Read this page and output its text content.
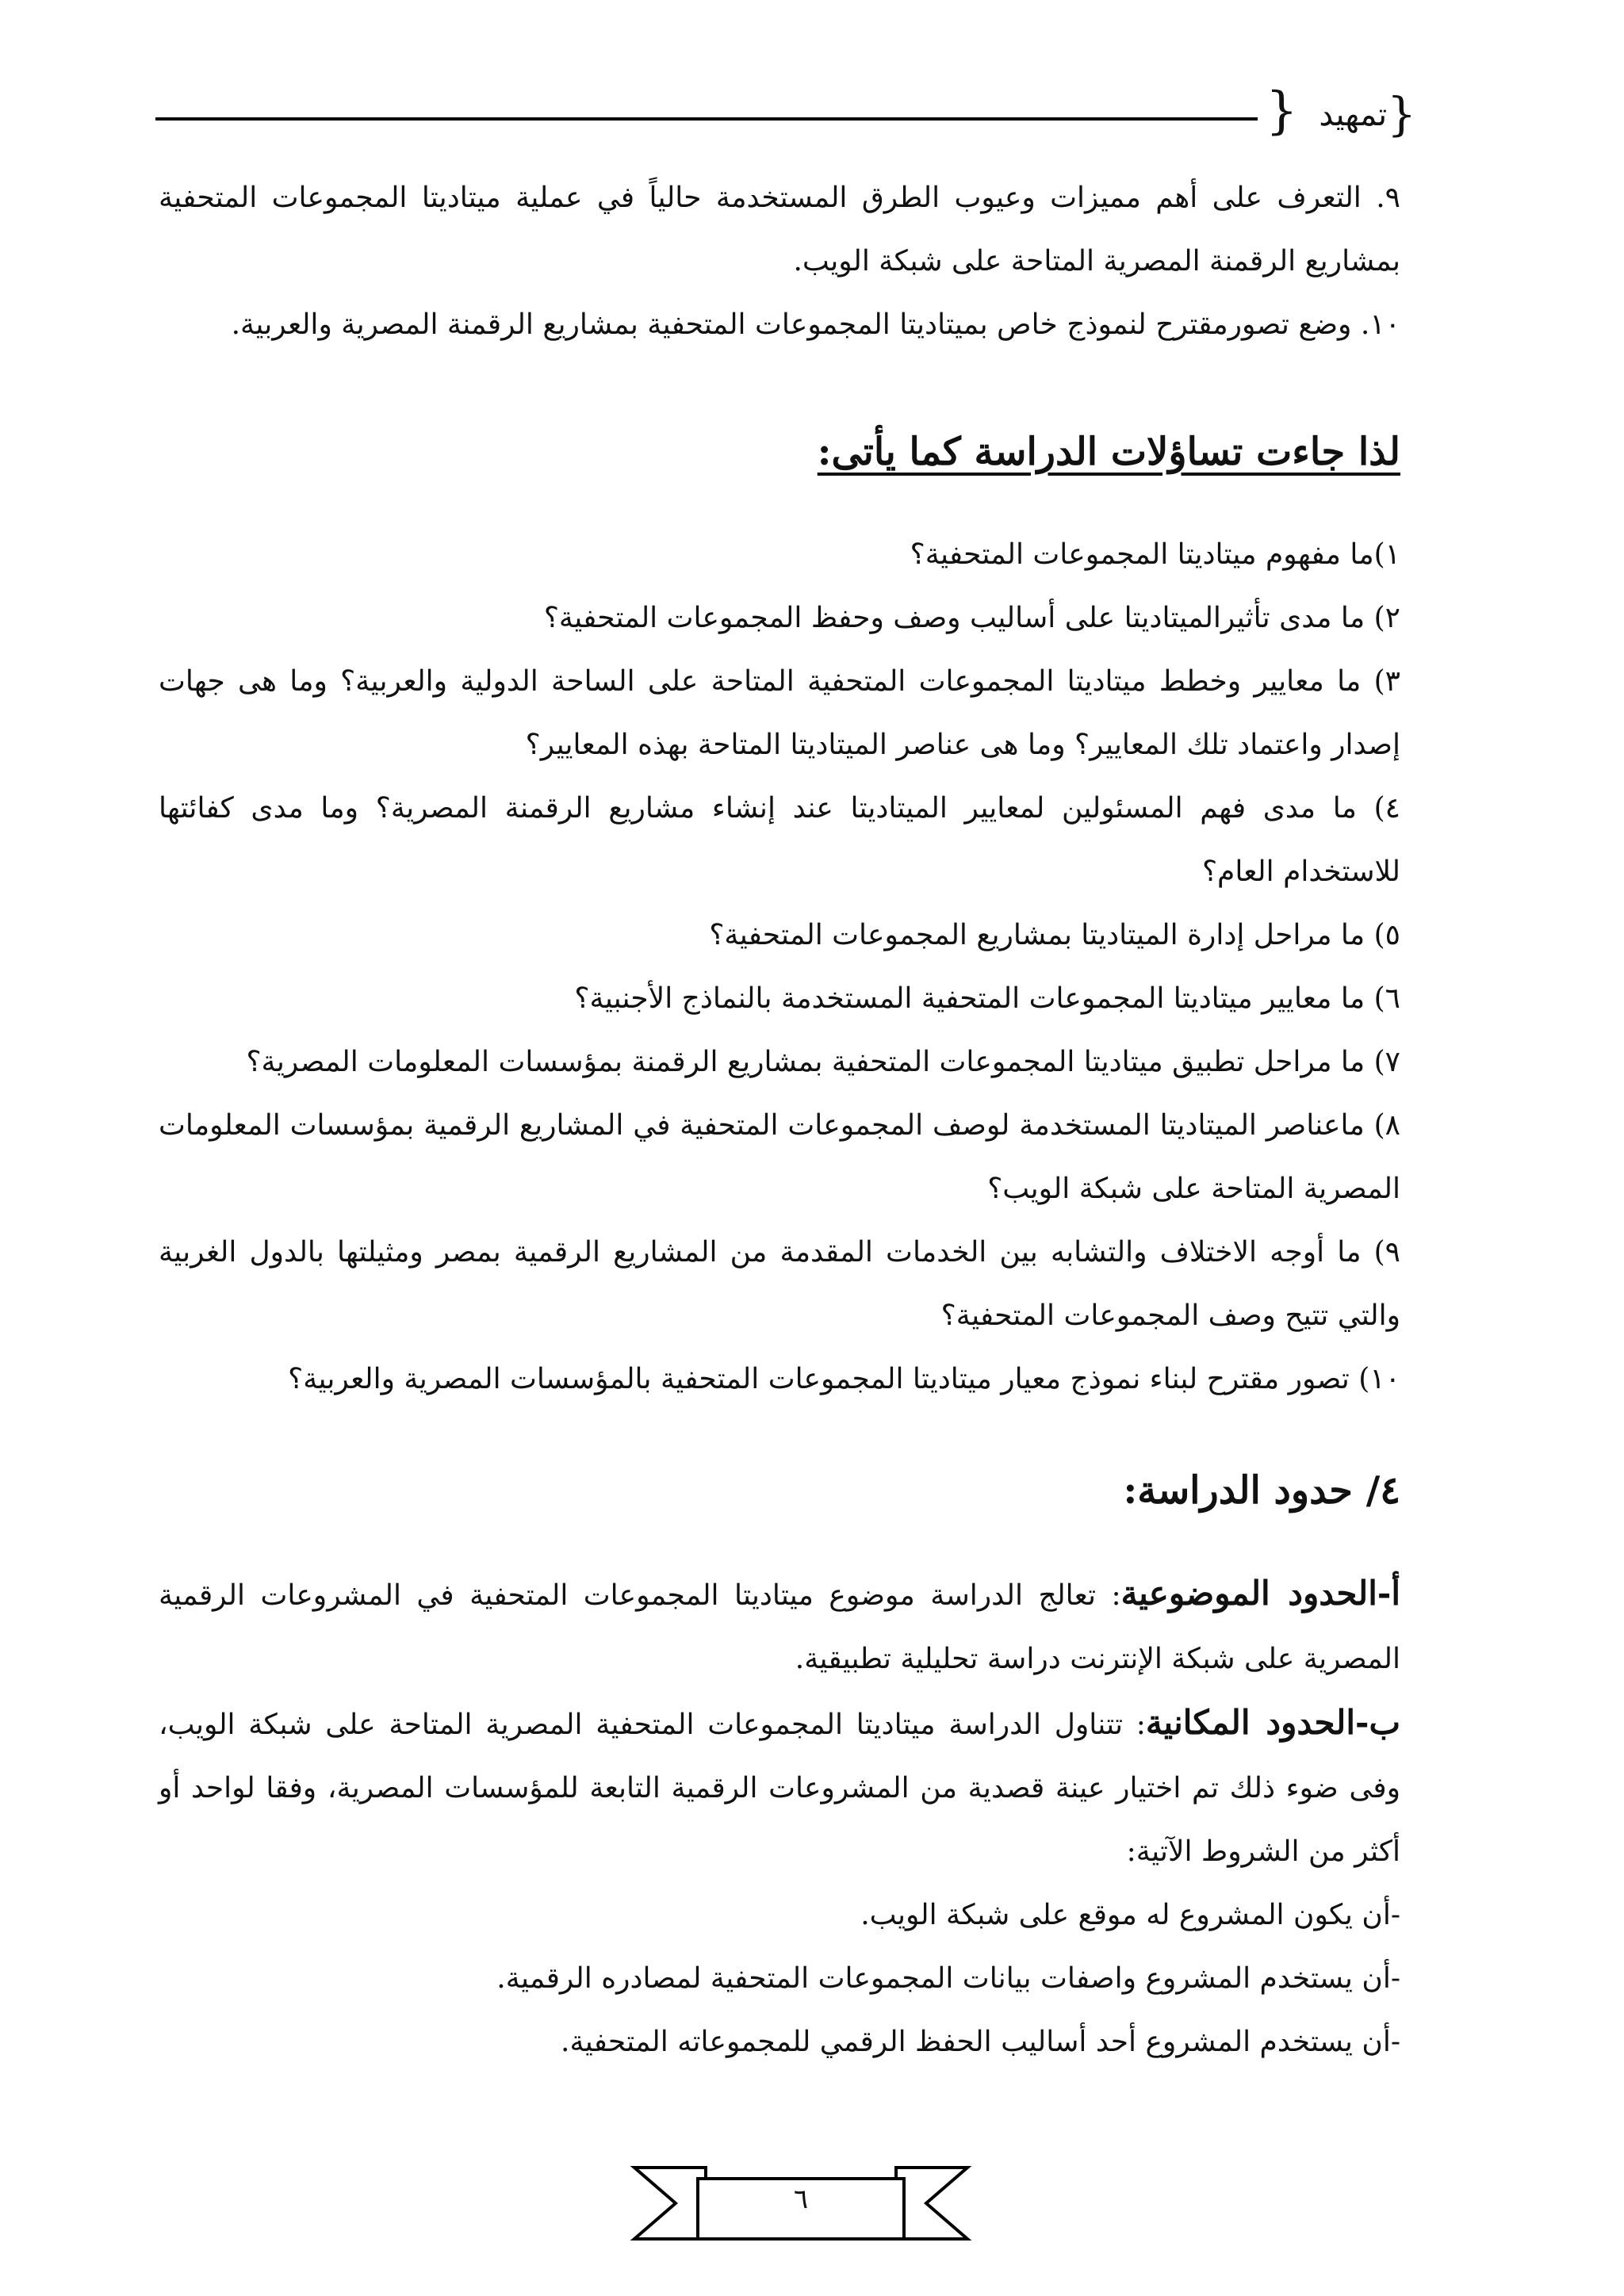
}	{تمهيد

٩. التعرف على أهم مميزات وعيوب الطرق المستخدمة حالياً في عملية ميتاديتا المجموعات المتحفية بمشاريع الرقمنة المصرية المتاحة على شبكة الويب.

١٠. وضع تصورمقترح لنموذج خاص بميتاديتا المجموعات المتحفية بمشاريع الرقمنة المصرية والعربية.

لذا جاءت تساؤلات الدراسة كما يأتى:

١)ما مفهوم ميتاديتا المجموعات المتحفية؟

٢) ما مدى تأثيرالميتاديتا على أساليب وصف وحفظ المجموعات المتحفية؟

٣) ما معايير وخطط ميتاديتا المجموعات المتحفية المتاحة على الساحة الدولية والعربية؟ وما هى جهات إصدار واعتماد تلك المعايير؟ وما هى عناصر الميتاديتا المتاحة بهذه المعايير؟

٤) ما مدى فهم المسئولين لمعايير الميتاديتا عند إنشاء مشاريع الرقمنة المصرية؟ وما مدى كفائتها للاستخدام العام؟

٥) ما مراحل إدارة الميتاديتا بمشاريع المجموعات المتحفية؟

٦) ما معايير ميتاديتا المجموعات المتحفية المستخدمة بالنماذج الأجنبية؟

٧) ما مراحل تطبيق ميتاديتا المجموعات المتحفية بمشاريع الرقمنة بمؤسسات المعلومات المصرية؟

٨) ماعناصر الميتاديتا المستخدمة لوصف المجموعات المتحفية في المشاريع الرقمية بمؤسسات المعلومات المصرية المتاحة على شبكة الويب؟

٩) ما أوجه الاختلاف والتشابه بين الخدمات المقدمة من المشاريع الرقمية بمصر ومثيلتها بالدول الغربية والتي تتيح وصف المجموعات المتحفية؟

١٠) تصور مقترح لبناء نموذج معيار ميتاديتا المجموعات المتحفية بالمؤسسات المصرية والعربية؟

٤/ حدود الدراسة:

أ-الحدود الموضوعية: تعالج الدراسة موضوع ميتاديتا المجموعات المتحفية في المشروعات الرقمية المصرية على شبكة الإنترنت دراسة تحليلية تطبيقية.

ب-الحدود المكانية: تتناول الدراسة ميتاديتا المجموعات المتحفية المصرية المتاحة على شبكة الويب، وفى ضوء ذلك تم اختيار عينة قصدية من المشروعات الرقمية التابعة للمؤسسات المصرية، وفقا لواحد أو أكثر من الشروط الآتية:

-أن يكون المشروع له موقع على شبكة الويب.

-أن يستخدم المشروع واصفات بيانات المجموعات المتحفية لمصادره الرقمية.

-أن يستخدم المشروع أحد أساليب الحفظ الرقمي للمجموعاته المتحفية.

٦
